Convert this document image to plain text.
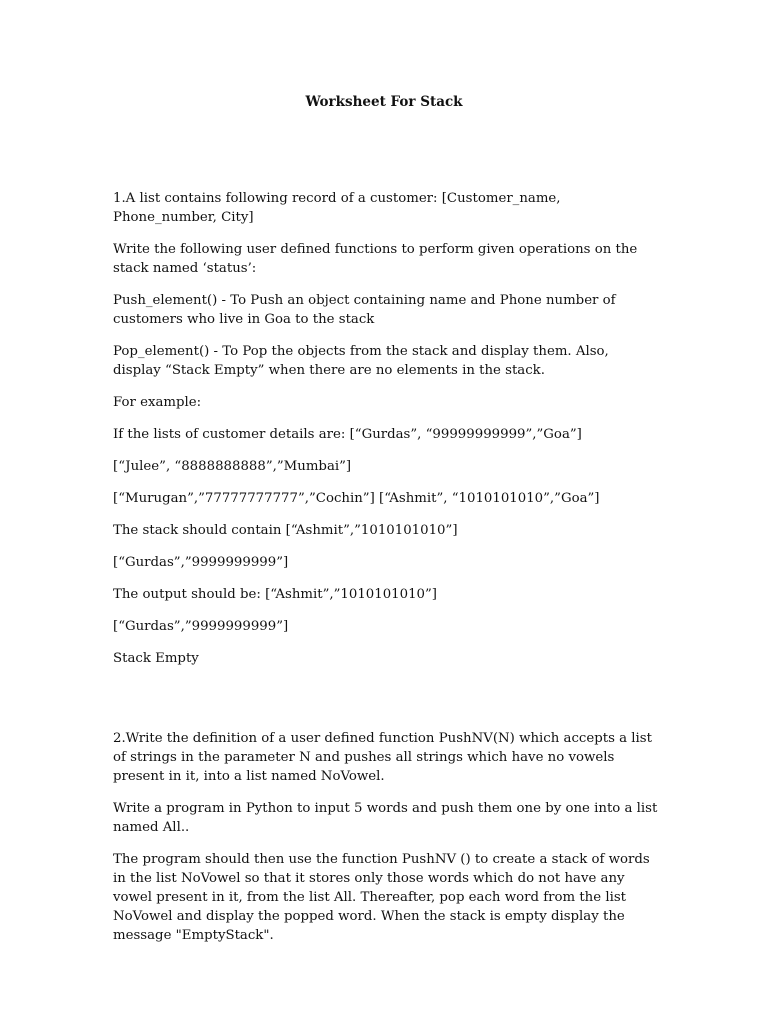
Worksheet For Stack

1.A list contains following record of a customer: [Customer_name, Phone_number, City]

Write the following user defined functions to perform given operations on the stack named ‘status’:

Push_element() - To Push an object containing name and Phone number of customers who live in Goa to the stack

Pop_element() - To Pop the objects from the stack and display them. Also, display “Stack Empty” when there are no elements in the stack.

For example:

If the lists of customer details are: [“Gurdas”, “99999999999”,”Goa”]

[“Julee”, “8888888888”,”Mumbai”]

[“Murugan”,”77777777777”,”Cochin”] [“Ashmit”, “1010101010”,”Goa”]

The stack should contain [“Ashmit”,”1010101010”]

[“Gurdas”,”9999999999”]

The output should be: [“Ashmit”,”1010101010”]

[“Gurdas”,”9999999999”]

Stack Empty

2.Write the definition of a user defined function PushNV(N) which accepts a list of strings in the parameter N and pushes all strings which have no vowels present in it, into a list named NoVowel.

Write a program in Python to input 5 words and push them one by one into a list named All..

The program should then use the function PushNV () to create a stack of words in the list NoVowel so that it stores only those words which do not have any vowel present in it, from the list All. Thereafter, pop each word from the list NoVowel and display the popped word. When the stack is empty display the message "EmptyStack".
